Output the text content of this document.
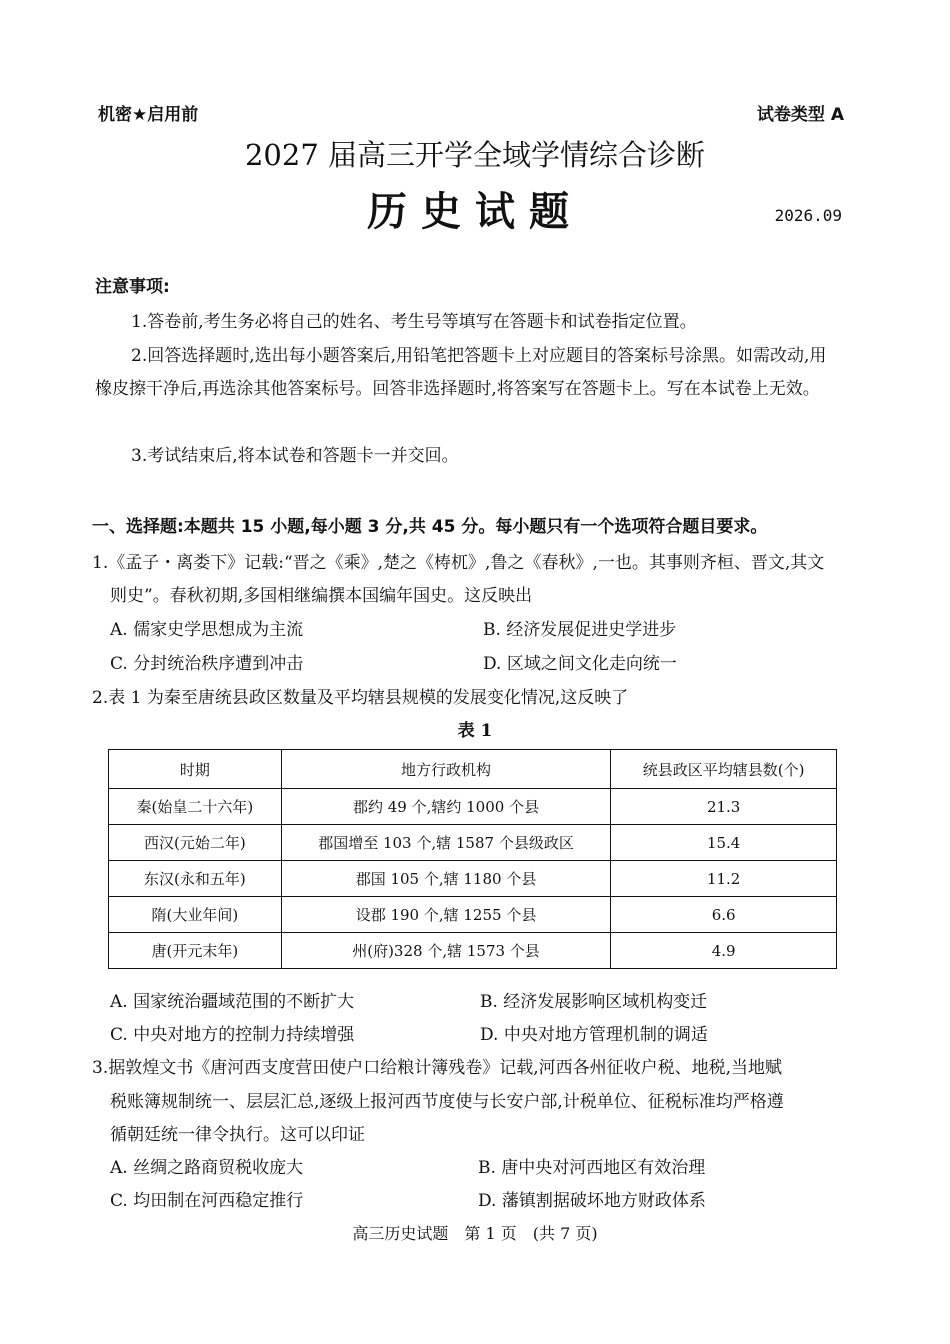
机密★启用前	试卷类型 A
2027 届高三开学全域学情综合诊断
历史试题	2026.09
注意事项:
1.答卷前,考生务必将自己的姓名、考生号等填写在答题卡和试卷指定位置。
2.回答选择题时,选出每小题答案后,用铅笔把答题卡上对应题目的答案标号涂黑。如需改动,用橡皮擦干净后,再选涂其他答案标号。回答非选择题时,将答案写在答题卡上。写在本试卷上无效。
3.考试结束后,将本试卷和答题卡一并交回。
一、选择题:本题共 15 小题,每小题 3 分,共 45 分。每小题只有一个选项符合题目要求。
1.《孟子・离娄下》记载:“晋之《乘》,楚之《梼杌》,鲁之《春秋》,一也。其事则齐桓、晋文,其文
则史”。春秋初期,多国相继编撰本国编年国史。这反映出
A. 儒家史学思想成为主流	B. 经济发展促进史学进步
C. 分封统治秩序遭到冲击	D. 区域之间文化走向统一
2.表 1 为秦至唐统县政区数量及平均辖县规模的发展变化情况,这反映了
表 1
时期	地方行政机构	统县政区平均辖县数(个)
秦(始皇二十六年)	郡约 49 个,辖约 1000 个县	21.3
西汉(元始二年)	郡国增至 103 个,辖 1587 个县级政区	15.4
东汉(永和五年)	郡国 105 个,辖 1180 个县	11.2
隋(大业年间)	设郡 190 个,辖 1255 个县	6.6
唐(开元末年)	州(府)328 个,辖 1573 个县	4.9
A. 国家统治疆域范围的不断扩大	B. 经济发展影响区域机构变迁
C. 中央对地方的控制力持续增强	D. 中央对地方管理机制的调适
3.据敦煌文书《唐河西支度营田使户口给粮计簿残卷》记载,河西各州征收户税、地税,当地赋
税账簿规制统一、层层汇总,逐级上报河西节度使与长安户部,计税单位、征税标准均严格遵
循朝廷统一律令执行。这可以印证
A. 丝绸之路商贸税收庞大	B. 唐中央对河西地区有效治理
C. 均田制在河西稳定推行	D. 藩镇割据破坏地方财政体系
高三历史试题　第 1 页　(共 7 页)
